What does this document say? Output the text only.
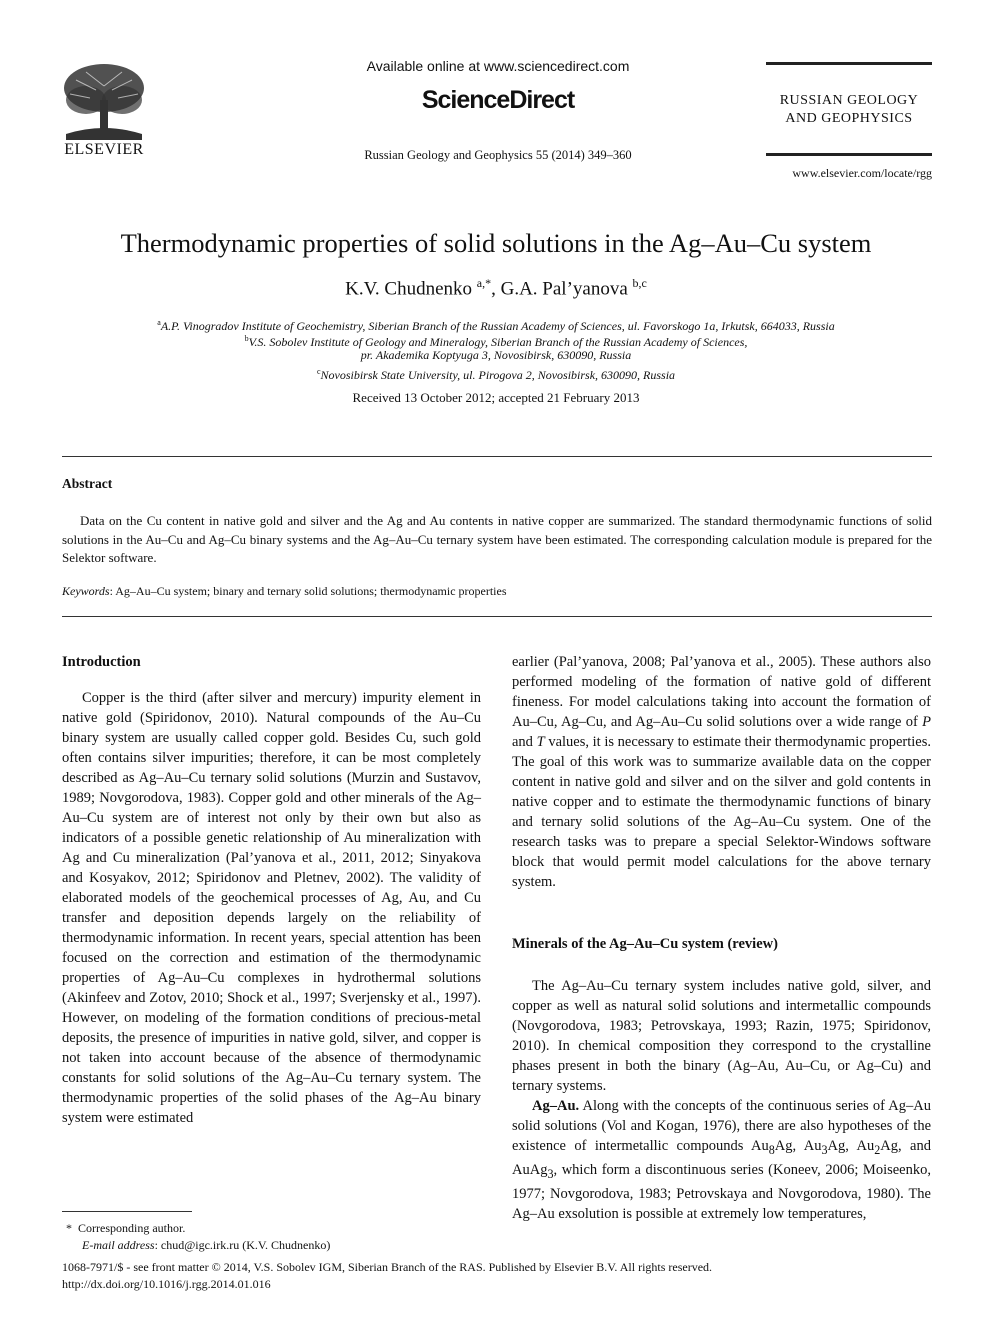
ELSEVIER
Available online at www.sciencedirect.com
ScienceDirect
Russian Geology and Geophysics 55 (2014) 349–360
RUSSIAN GEOLOGY
AND GEOPHYSICS
www.elsevier.com/locate/rgg
Thermodynamic properties of solid solutions in the Ag–Au–Cu system
K.V. Chudnenko $^{a,*}$, G.A. Pal’yanova $^{b,c}$
$^a$A.P. Vinogradov Institute of Geochemistry, Siberian Branch of the Russian Academy of Sciences, ul. Favorskogo 1a, Irkutsk, 664033, Russia
$^b$V.S. Sobolev Institute of Geology and Mineralogy, Siberian Branch of the Russian Academy of Sciences,
pr. Akademika Koptyuga 3, Novosibirsk, 630090, Russia
$^c$Novosibirsk State University, ul. Pirogova 2, Novosibirsk, 630090, Russia
Received 13 October 2012; accepted 21 February 2013
Abstract
Data on the Cu content in native gold and silver and the Ag and Au contents in native copper are summarized. The standard thermodynamic functions of solid solutions in the Au–Cu and Ag–Cu binary systems and the Ag–Au–Cu ternary system have been estimated. The corresponding calculation module is prepared for the Selektor software.
Keywords: Ag–Au–Cu system; binary and ternary solid solutions; thermodynamic properties

Introduction

Copper is the third (after silver and mercury) impurity element in native gold (Spiridonov, 2010). Natural compounds of the Au–Cu binary system are usually called copper gold. Besides Cu, such gold often contains silver impurities; therefore, it can be most completely described as Ag–Au–Cu ternary solid solutions (Murzin and Sustavov, 1989; Novgorodova, 1983). Copper gold and other minerals of the Ag–Au–Cu system are of interest not only by their own but also as indicators of a possible genetic relationship of Au mineralization with Ag and Cu mineralization (Pal’yanova et al., 2011, 2012; Sinyakova and Kosyakov, 2012; Spiridonov and Pletnev, 2002). The validity of elaborated models of the geochemical processes of Ag, Au, and Cu transfer and deposition depends largely on the reliability of thermodynamic information. In recent years, special attention has been focused on the correction and estimation of the thermodynamic properties of Ag–Au–Cu complexes in hydrothermal solutions (Akinfeev and Zotov, 2010; Shock et al., 1997; Sverjensky et al., 1997). However, on modeling of the formation conditions of precious-metal deposits, the presence of impurities in native gold, silver, and copper is not taken into account because of the absence of thermodynamic constants for solid solutions of the Ag–Au–Cu ternary system. The thermodynamic properties of the solid phases of the Ag–Au binary system were estimated

earlier (Pal’yanova, 2008; Pal’yanova et al., 2005). These authors also performed modeling of the formation of native gold of different fineness. For model calculations taking into account the formation of Au–Cu, Ag–Cu, and Ag–Au–Cu solid solutions over a wide range of P and T values, it is necessary to estimate their thermodynamic properties. The goal of this work was to summarize available data on the copper content in native gold and silver and on the silver and gold contents in native copper and to estimate the thermodynamic functions of binary and ternary solid solutions of the Ag–Au–Cu system. One of the research tasks was to prepare a special Selektor-Windows software block that would permit model calculations for the above ternary system.

Minerals of the Ag–Au–Cu system (review)

The Ag–Au–Cu ternary system includes native gold, silver, and copper as well as natural solid solutions and intermetallic compounds (Novgorodova, 1983; Petrovskaya, 1993; Razin, 1975; Spiridonov, 2010). In chemical composition they correspond to the crystalline phases present in both the binary (Ag–Au, Au–Cu, or Ag–Cu) and ternary systems.

Ag–Au. Along with the concepts of the continuous series of Ag–Au solid solutions (Vol and Kogan, 1976), there are also hypotheses of the existence of intermetallic compounds $Au_8Ag$, $Au_3Ag$, $Au_2Ag$, and AuAg$_3$, which form a discontinuous series (Koneev, 2006; Moiseenko, 1977; Novgorodova, 1983; Petrovskaya and Novgorodova, 1980). The Ag–Au exsolution is possible at extremely low temperatures,

* Corresponding author.
E-mail address: chud@igc.irk.ru (K.V. Chudnenko)
1068-7971/$ - see front matter © 2014, V.S. Sobolev IGM, Siberian Branch of the RAS. Published by Elsevier B.V. All rights reserved.
http://dx.doi.org/10.1016/j.rgg.2014.01.016
